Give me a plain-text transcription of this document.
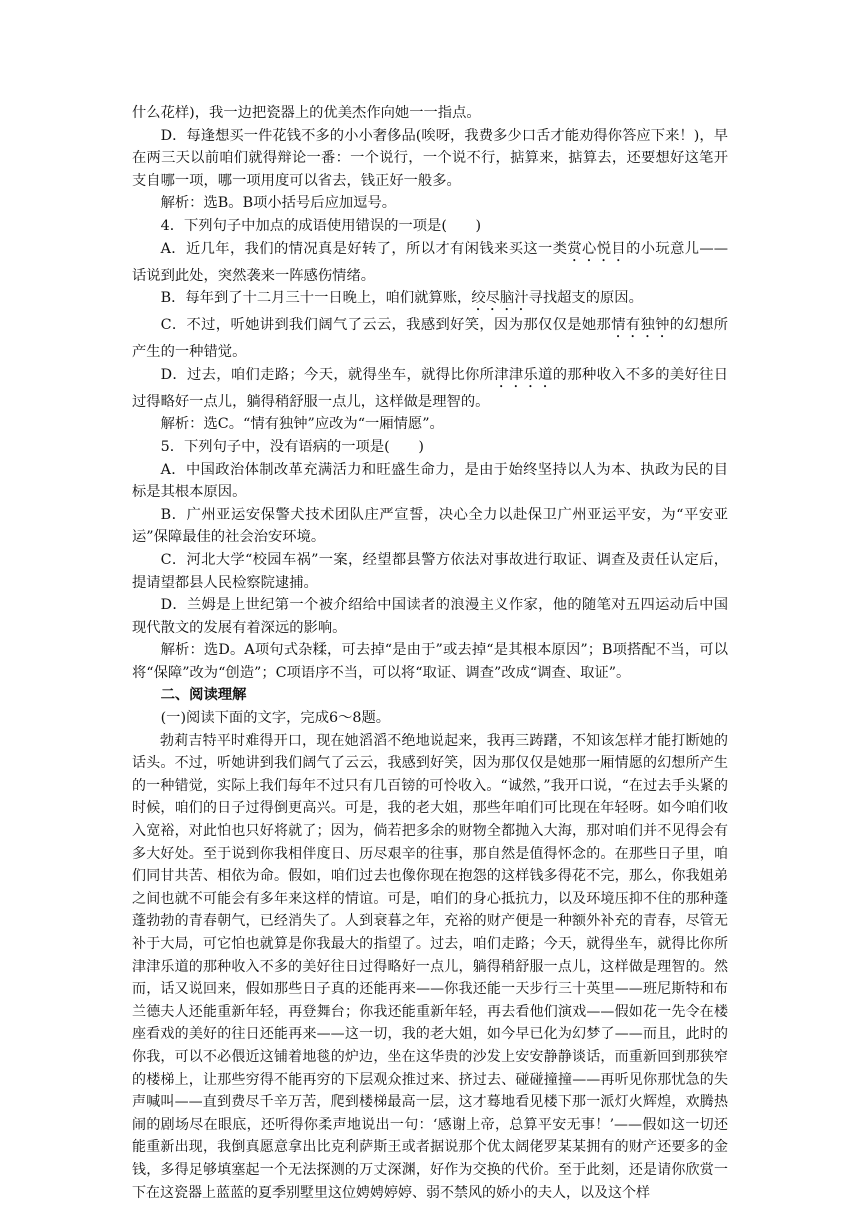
什么花样)，我一边把瓷器上的优美杰作向她一一指点。

D．每逢想买一件花钱不多的小小奢侈品(唉呀，我费多少口舌才能劝得你答应下来！)，早在两三天以前咱们就得辩论一番：一个说行，一个说不行，掂算来，掂算去，还要想好这笔开支自哪一项，哪一项用度可以省去，钱正好一般多。

解析：选B。B项小括号后应加逗号。

4．下列句子中加点的成语使用错误的一项是(　　)

A．近几年，我们的情况真是好转了，所以才有闲钱来买这一类赏心悦目的小玩意儿——话说到此处，突然袭来一阵感伤情绪。

B．每年到了十二月三十一日晚上，咱们就算账，绞尽脑汁寻找超支的原因。

C．不过，听她讲到我们阔气了云云，我感到好笑，因为那仅仅是她那情有独钟的幻想所产生的一种错觉。

D．过去，咱们走路；今天，就得坐车，就得比你所津津乐道的那种收入不多的美好往日过得略好一点儿，躺得稍舒服一点儿，这样做是理智的。

解析：选C。“情有独钟”应改为“一厢情愿”。

5．下列句子中，没有语病的一项是(　　)

A．中国政治体制改革充满活力和旺盛生命力，是由于始终坚持以人为本、执政为民的目标是其根本原因。

B．广州亚运安保警犬技术团队庄严宣誓，决心全力以赴保卫广州亚运平安，为“平安亚运”保障最佳的社会治安环境。

C．河北大学“校园车祸”一案，经望都县警方依法对事故进行取证、调查及责任认定后，提请望都县人民检察院逮捕。

D．兰姆是上世纪第一个被介绍给中国读者的浪漫主义作家，他的随笔对五四运动后中国现代散文的发展有着深远的影响。

解析：选D。A项句式杂糅，可去掉“是由于”或去掉“是其根本原因”；B项搭配不当，可以将“保障”改为“创造”；C项语序不当，可以将“取证、调查”改成“调查、取证”。

二、阅读理解

(一)阅读下面的文字，完成6～8题。

勃莉吉特平时难得开口，现在她滔滔不绝地说起来，我再三踌躇，不知该怎样才能打断她的话头。不过，听她讲到我们阔气了云云，我感到好笑，因为那仅仅是她那一厢情愿的幻想所产生的一种错觉，实际上我们每年不过只有几百镑的可怜收入。“诚然，”我开口说，“在过去手头紧的时候，咱们的日子过得倒更高兴。可是，我的老大姐，那些年咱们可比现在年轻呀。如今咱们收入宽裕，对此怕也只好将就了；因为，倘若把多余的财物全都抛入大海，那对咱们并不见得会有多大好处。至于说到你我相伴度日、历尽艰辛的往事，那自然是值得怀念的。在那些日子里，咱们同甘共苦、相依为命。假如，咱们过去也像你现在抱怨的这样钱多得花不完，那么，你我姐弟之间也就不可能会有多年来这样的情谊。可是，咱们的身心抵抗力，以及环境压抑不住的那种蓬蓬勃勃的青春朝气，已经消失了。人到衰暮之年，充裕的财产便是一种额外补充的青春，尽管无补于大局，可它怕也就算是你我最大的指望了。过去，咱们走路；今天，就得坐车，就得比你所津津乐道的那种收入不多的美好往日过得略好一点儿，躺得稍舒服一点儿，这样做是理智的。然而，话又说回来，假如那些日子真的还能再来——你我还能一天步行三十英里——班尼斯特和布兰德夫人还能重新年轻，再登舞台；你我还能重新年轻，再去看他们演戏——假如花一先令在楼座看戏的美好的往日还能再来——这一切，我的老大姐，如今早已化为幻梦了——而且，此时的你我，可以不必偎近这铺着地毯的炉边，坐在这华贵的沙发上安安静静谈话，而重新回到那狭窄的楼梯上，让那些穷得不能再穷的下层观众推过来、挤过去、碰碰撞撞——再听见你那忧急的失声喊叫——直到费尽千辛万苦，爬到楼梯最高一层，这才蓦地看见楼下那一派灯火辉煌，欢腾热闹的剧场尽在眼底，还听得你柔声地说出一句：‘感谢上帝，总算平安无事！’——假如这一切还能重新出现，我倒真愿意拿出比克利萨斯王或者据说那个优太阔佬罗某某拥有的财产还要多的金钱，多得足够填塞起一个无法探测的万丈深渊，好作为交换的代价。至于此刻，还是请你欣赏一下在这瓷器上蓝蓝的夏季别墅里这位娉娉婷婷、弱不禁风的娇小的夫人，以及这个样
